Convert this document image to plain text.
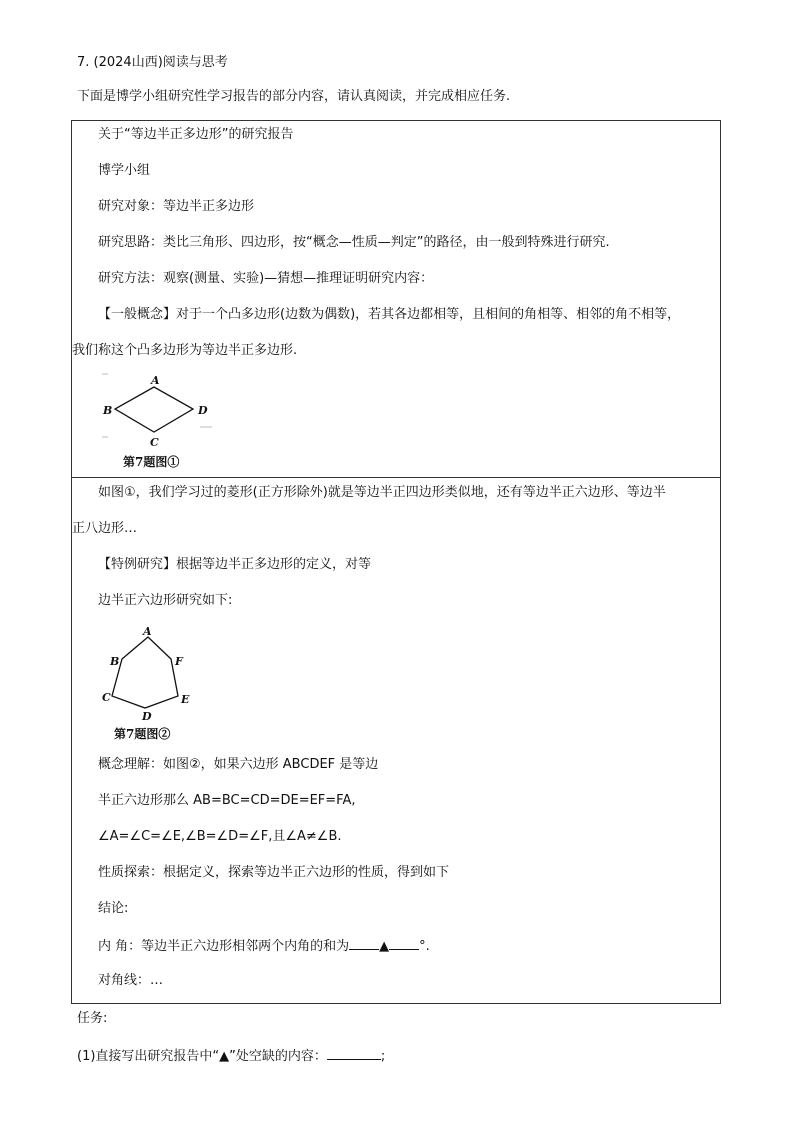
7. (2024山西)阅读与思考
下面是博学小组研究性学习报告的部分内容，请认真阅读，并完成相应任务.
关于“等边半正多边形”的研究报告
博学小组
研究对象：等边半正多边形
研究思路：类比三角形、四边形，按“概念—性质—判定”的路径，由一般到特殊进行研究.
研究方法：观察(测量、实验)—猜想—推理证明研究内容：
【一般概念】对于一个凸多边形(边数为偶数)，若其各边都相等，且相间的角相等、相邻的角不相等，
我们称这个凸多边形为等边半正多边形.
A
B
C
D
第7题图①
如图①，我们学习过的菱形(正方形除外)就是等边半正四边形类似地，还有等边半正六边形、等边半
正八边形…
【特例研究】根据等边半正多边形的定义，对等
边半正六边形研究如下:
A
B
C
D
E
F
第7题图②
概念理解：如图②，如果六边形 ABCDEF 是等边
半正六边形那么 AB=BC=CD=DE=EF=FA,
∠A=∠C=∠E,∠B=∠D=∠F,且∠A≠∠B.
性质探索：根据定义，探索等边半正六边形的性质，得到如下
结论:
内 角：等边半正六边形相邻两个内角的和为 ▲ °.
对角线：…
任务:
(1)直接写出研究报告中“▲”处空缺的内容：	;
